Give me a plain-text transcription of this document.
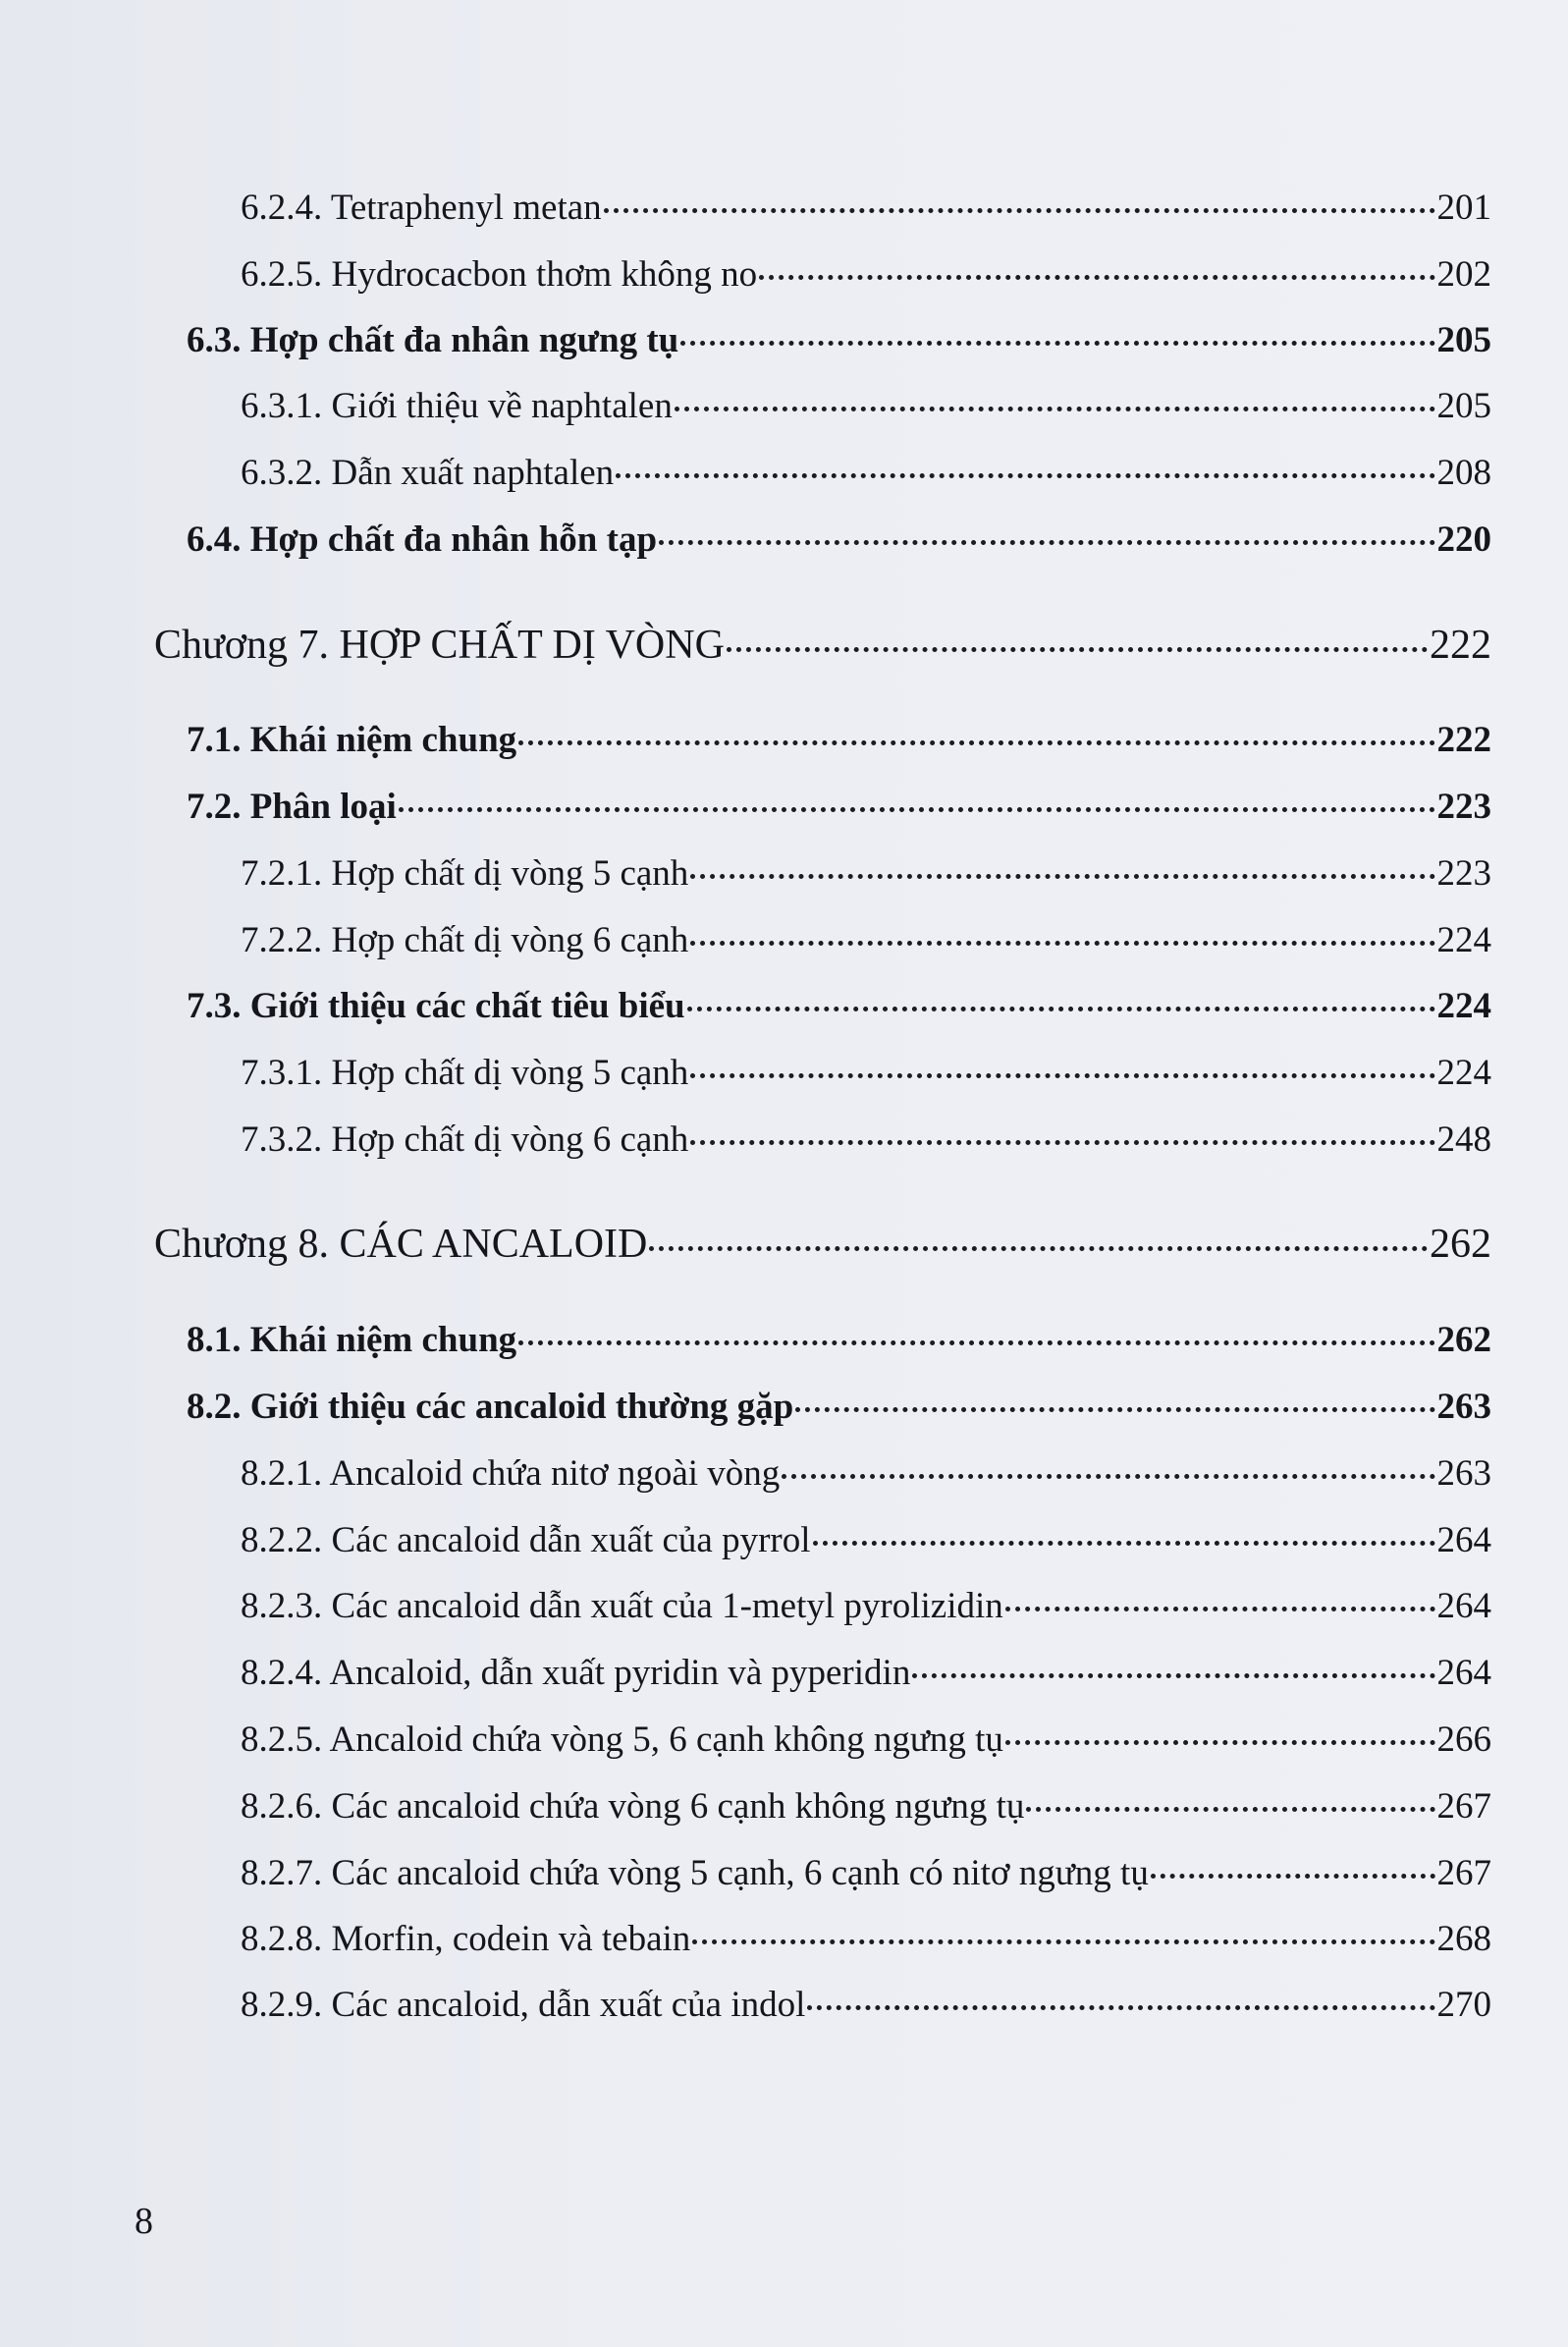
6.2.4. Tetraphenyl metan	201
6.2.5. Hydrocacbon thơm không no	202
6.3. Hợp chất đa nhân ngưng tụ	205
6.3.1. Giới thiệu về naphtalen	205
6.3.2. Dẫn xuất naphtalen	208
6.4. Hợp chất đa nhân hỗn tạp	220
Chương 7. HỢP CHẤT DỊ VÒNG	222
7.1. Khái niệm chung	222
7.2. Phân loại	223
7.2.1. Hợp chất dị vòng 5 cạnh	223
7.2.2. Hợp chất dị vòng 6 cạnh	224
7.3. Giới thiệu các chất tiêu biểu	224
7.3.1. Hợp chất dị vòng 5 cạnh	224
7.3.2. Hợp chất dị vòng 6 cạnh	248
Chương 8. CÁC ANCALOID	262
8.1. Khái niệm chung	262
8.2. Giới thiệu các ancaloid thường gặp	263
8.2.1. Ancaloid chứa nitơ ngoài vòng	263
8.2.2. Các ancaloid dẫn xuất của pyrrol	264
8.2.3. Các ancaloid dẫn xuất của 1-metyl pyrolizidin	264
8.2.4. Ancaloid, dẫn xuất pyridin và pyperidin	264
8.2.5. Ancaloid chứa vòng 5, 6 cạnh không ngưng tụ	266
8.2.6. Các ancaloid chứa vòng 6 cạnh không ngưng tụ	267
8.2.7. Các ancaloid chứa vòng 5 cạnh, 6 cạnh có nitơ ngưng tụ	267
8.2.8. Morfin, codein và tebain	268
8.2.9. Các ancaloid, dẫn xuất của indol	270
8
